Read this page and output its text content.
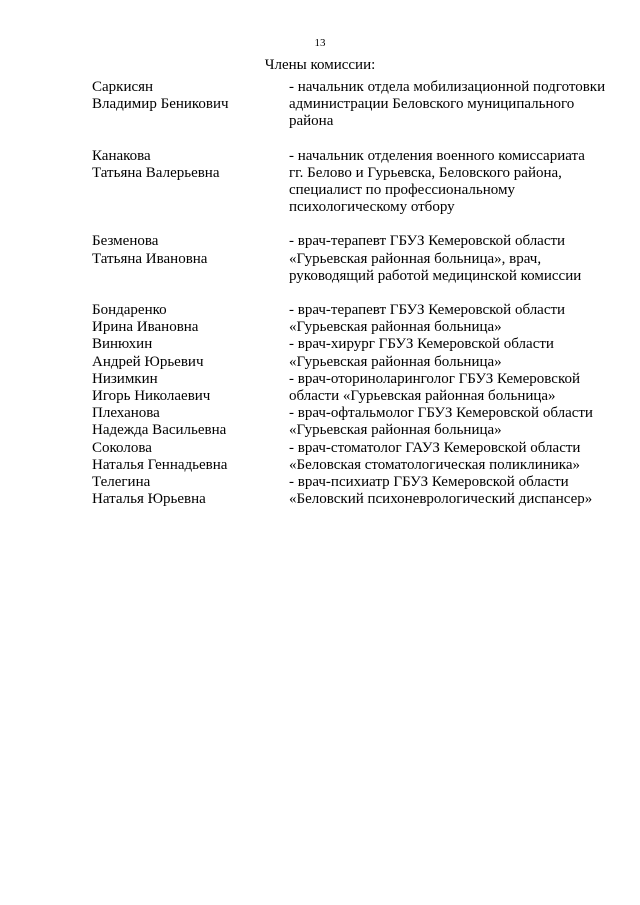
13
Члены комиссии:
Саркисян
Владимир Беникович
- начальник отдела мобилизационной подготовки
администрации Беловского муниципального
района
Канакова
Татьяна Валерьевна
- начальник отделения военного комиссариата
гг. Белово и Гурьевска, Беловского района,
специалист по профессиональному
психологическому отбору
Безменова
Татьяна Ивановна
- врач-терапевт ГБУЗ Кемеровской области
«Гурьевская районная больница», врач,
руководящий работой медицинской комиссии
Бондаренко
Ирина Ивановна
- врач-терапевт ГБУЗ Кемеровской области
«Гурьевская районная больница»
Винюхин
Андрей Юрьевич
- врач-хирург ГБУЗ Кемеровской области
«Гурьевская районная больница»
Низимкин
Игорь Николаевич
- врач-оториноларинголог ГБУЗ Кемеровской
области «Гурьевская районная больница»
Плеханова
Надежда Васильевна
- врач-офтальмолог ГБУЗ Кемеровской области
«Гурьевская районная больница»
Соколова
Наталья Геннадьевна
- врач-стоматолог ГАУЗ Кемеровской области
«Беловская стоматологическая поликлиника»
Телегина
Наталья Юрьевна
- врач-психиатр ГБУЗ Кемеровской области
«Беловский психоневрологический диспансер»
